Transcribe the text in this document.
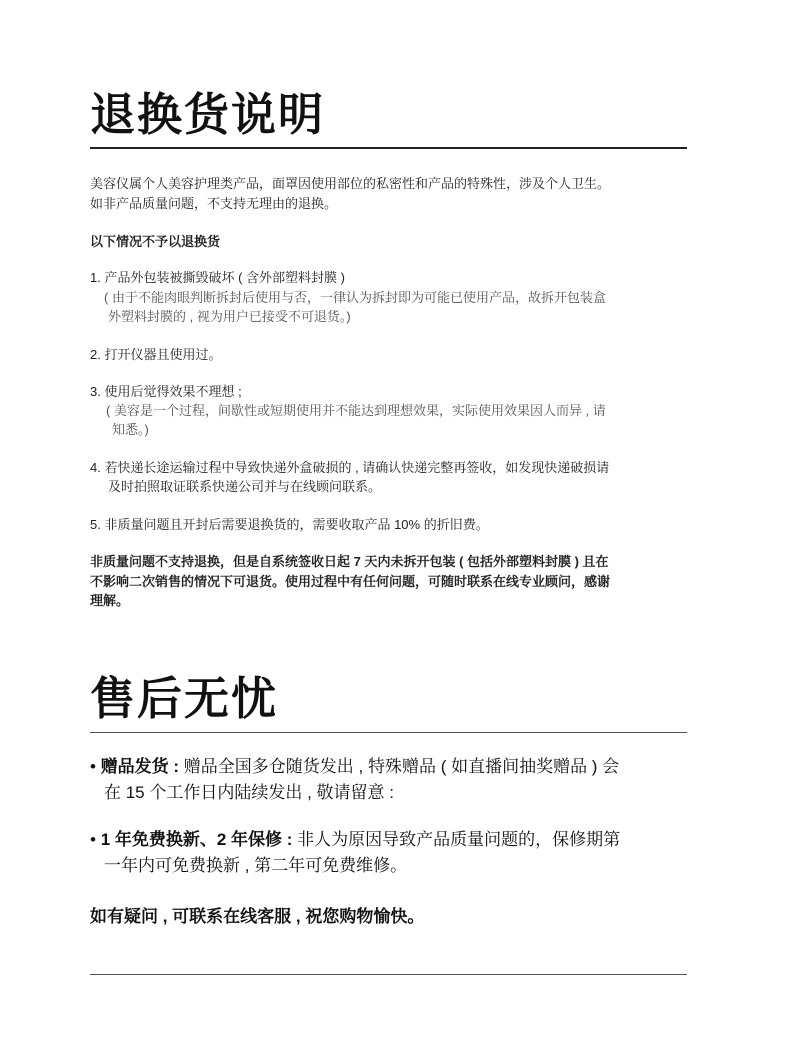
退换货说明
美容仪属个人美容护理类产品，面罩因使用部位的私密性和产品的特殊性，涉及个人卫生。
如非产品质量问题，不支持无理由的退换。
以下情况不予以退换货
1. 产品外包装被撕毁破坏 ( 含外部塑料封膜 )
( 由于不能肉眼判断拆封后使用与否，一律认为拆封即为可能已使用产品，故拆开包装盒
外塑料封膜的 , 视为用户已接受不可退货。)
2. 打开仪器且使用过。
3. 使用后觉得效果不理想 ;
( 美容是一个过程，间歇性或短期使用并不能达到理想效果，实际使用效果因人而异 , 请
知悉。)
4. 若快递长途运输过程中导致快递外盒破损的 , 请确认快递完整再签收，如发现快递破损请
及时拍照取证联系快递公司并与在线顾问联系。
5. 非质量问题且开封后需要退换货的，需要收取产品 10% 的折旧费。
非质量问题不支持退换，但是自系统签收日起 7 天内未拆开包装 ( 包括外部塑料封膜 ) 且在
不影响二次销售的情况下可退货。使用过程中有任何问题，可随时联系在线专业顾问，感谢
理解。
售后无忧
• 赠品发货 : 赠品全国多仓随货发出 , 特殊赠品 ( 如直播间抽奖赠品 ) 会
在 15 个工作日内陆续发出 , 敬请留意 :
• 1 年免费换新、2 年保修 : 非人为原因导致产品质量问题的，保修期第
一年内可免费换新 , 第二年可免费维修。
如有疑问 , 可联系在线客服 , 祝您购物愉快。
